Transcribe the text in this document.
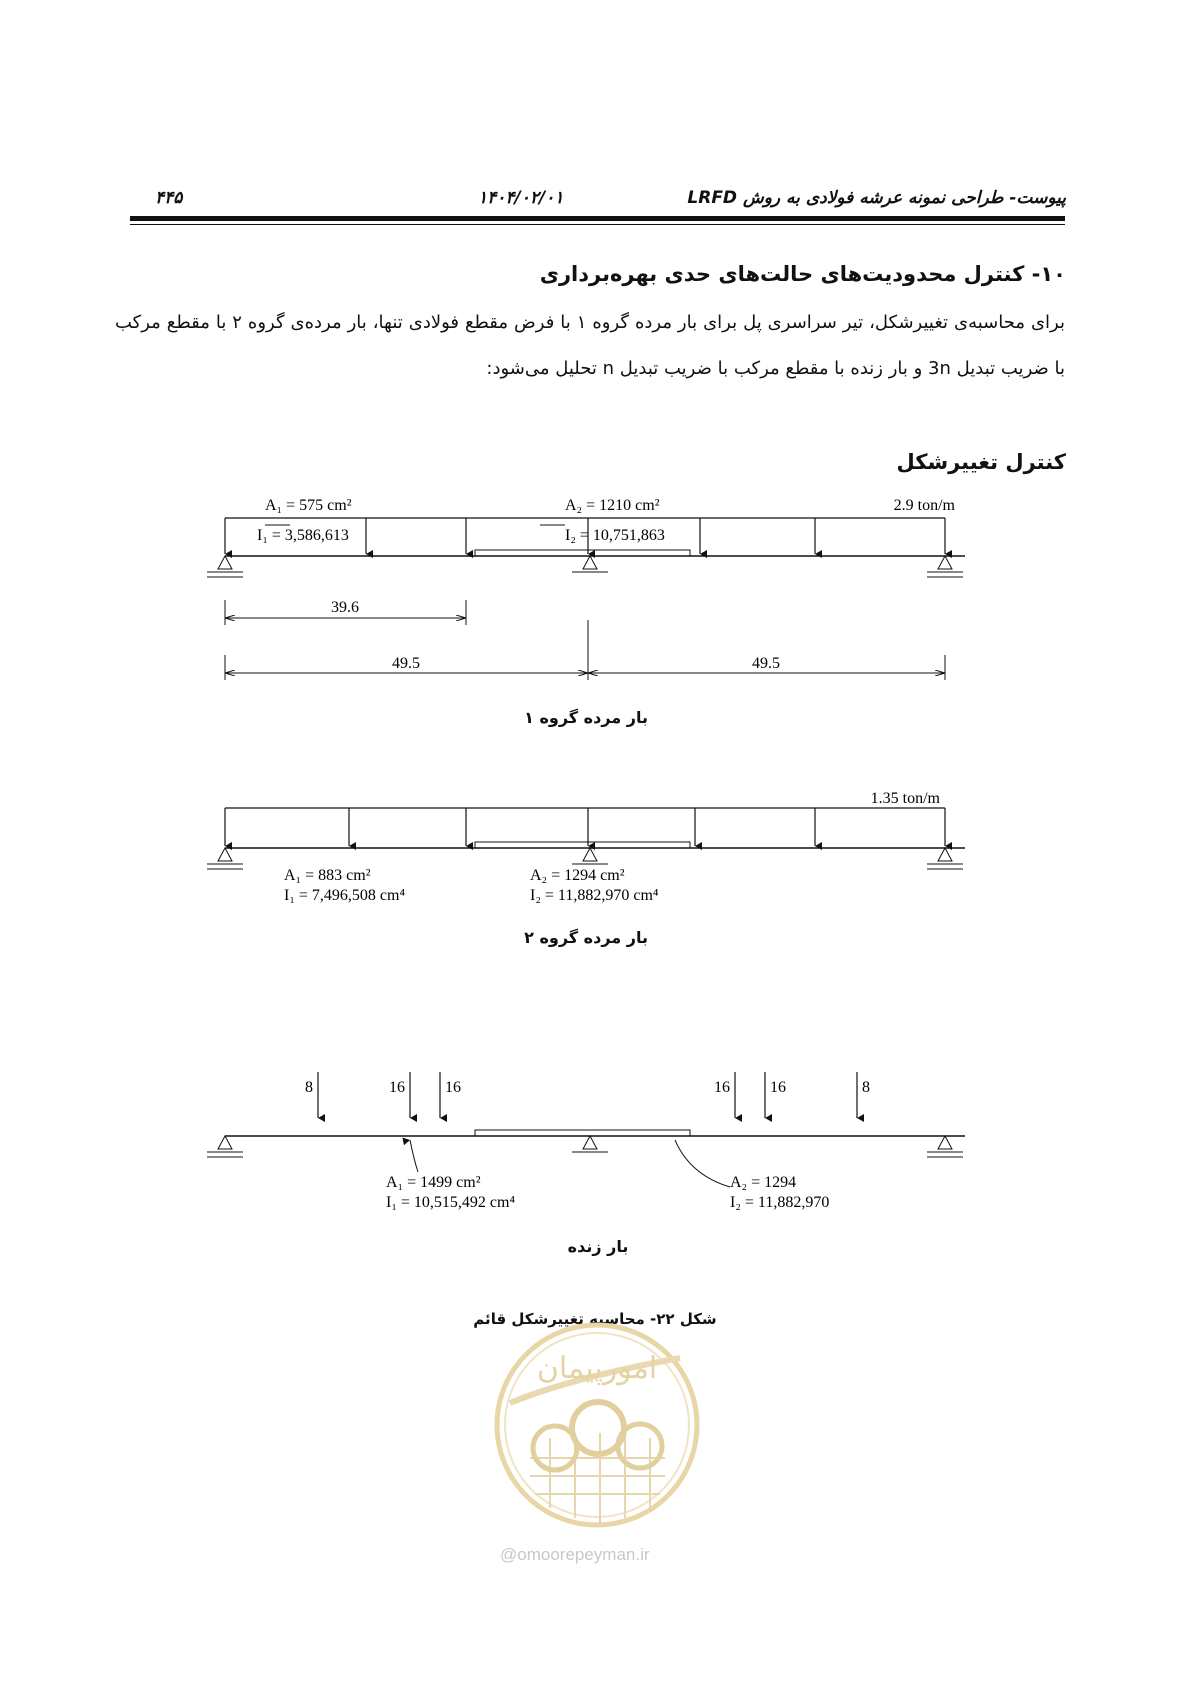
۴۴۵	۱۴۰۴/۰۲/۰۱	پیوست- طراحی نمونه عرشه فولادی به روش LRFD
۱۰- کنترل محدودیت‌های حالت‌های حدی بهره‌برداری
برای محاسبه‌ی تغییرشکل، تیر سراسری پل برای بار مرده گروه ۱ با فرض مقطع فولادی تنها، بار مرده‌ی گروه ۲ با مقطع مرکب با ضریب تبدیل 3n و بار زنده با مقطع مرکب با ضریب تبدیل n تحلیل می‌شود:
کنترل تغییرشکل
A₁ = 575 cm²
I₁ = 3,586,613
A₂ = 1210 cm²
I₂ = 10,751,863
2.9 ton/m
39.6
49.5	49.5
1.35 ton/m
A₁ = 883 cm²
I₁ = 7,496,508 cm⁴
A₂ = 1294 cm²
I₂ = 11,882,970 cm⁴
8	16	16	16	16	8
A₁ = 1499 cm²
I₁ = 10,515,492 cm⁴
A₂ = 1294
I₂ = 11,882,970
بار مرده گروه ۱
بار مرده گروه ۲
بار زنده
شکل ۲۲- محاسبه تغییرشکل قائم
امورپیمان
@omoorepeyman.ir
